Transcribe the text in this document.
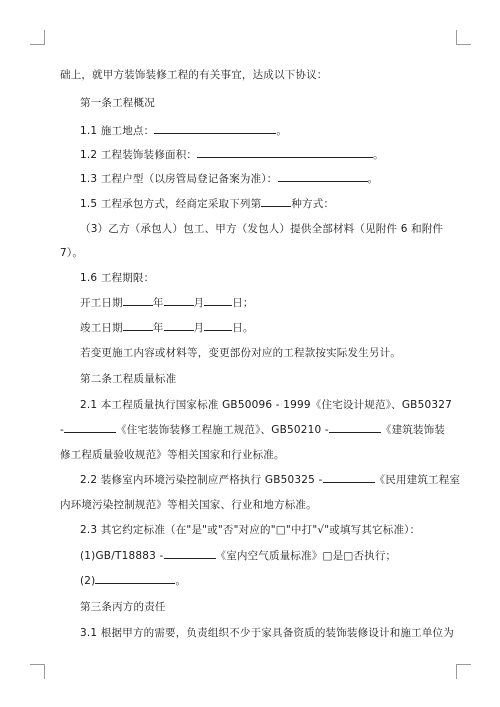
础上，就甲方装饰装修工程的有关事宜，达成以下协议：
第一条工程概况
1.1 施工地点：	。
1.2 工程装饰装修面积：	。
1.3 工程户型（以房管局登记备案为准）：	。
1.5 工程承包方式，经商定采取下列第	种方式：
（3）乙方（承包人）包工、甲方（发包人）提供全部材料（见附件 6 和附件
7）。
1.6 工程期限：
开工日期	年	月	日；
竣工日期	年	月	日。
若变更施工内容或材料等，变更部份对应的工程款按实际发生另计。
第二条工程质量标准
2.1 本工程质量执行国家标准 GB50096 - 1999《住宅设计规范》、GB50327
-	《住宅装饰装修工程施工规范》、GB50210 -	《建筑装饰装
修工程质量验收规范》等相关国家和行业标准。
2.2 装修室内环境污染控制应严格执行 GB50325 -	《民用建筑工程室
内环境污染控制规范》等相关国家、行业和地方标准。
2.3 其它约定标准（在"是"或"否"对应的"□"中打"√"或填写其它标准）：
(1)GB/T18883 -	《室内空气质量标准》□是□否执行；
(2)	。
第三条丙方的责任
3.1 根据甲方的需要，负责组织不少于家具备资质的装饰装修设计和施工单位为
